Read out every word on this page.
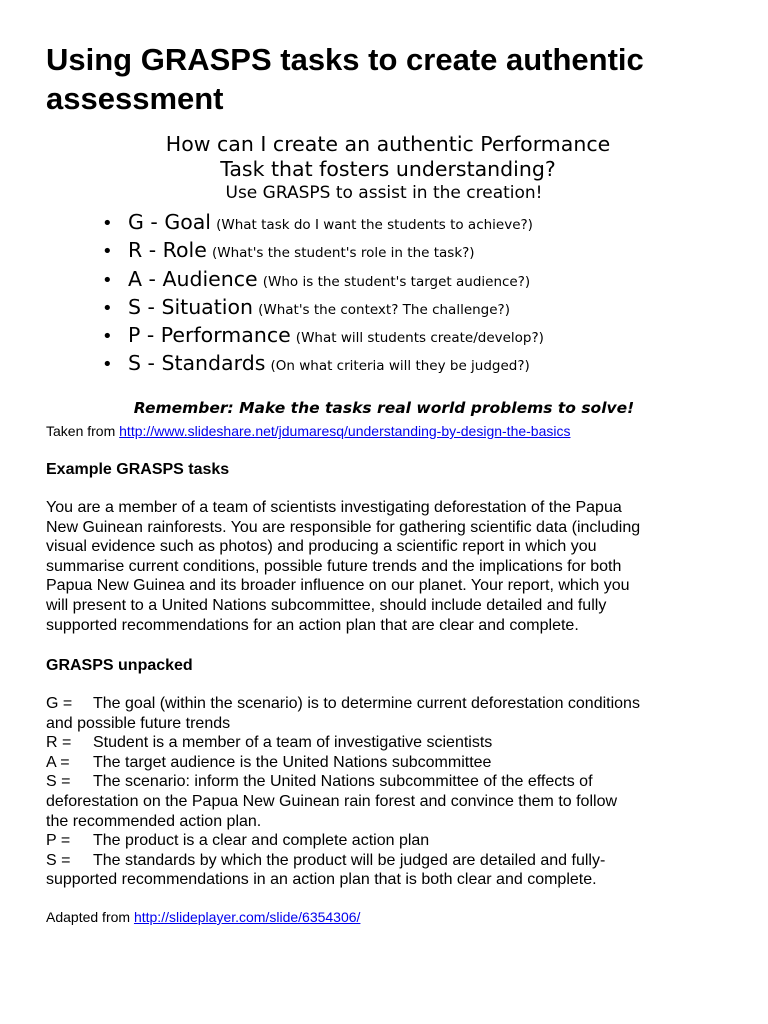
Using GRASPS tasks to create authentic assessment
How can I create an authentic Performance
Task that fosters understanding?
Use GRASPS to assist in the creation!
• G - Goal (What task do I want the students to achieve?)
• R - Role (What's the student's role in the task?)
• A - Audience (Who is the student's target audience?)
• S - Situation (What's the context? The challenge?)
• P - Performance (What will students create/develop?)
• S - Standards (On what criteria will they be judged?)
Remember: Make the tasks real world problems to solve!
Taken from http://www.slideshare.net/jdumaresq/understanding-by-design-the-basics
Example GRASPS tasks
You are a member of a team of scientists investigating deforestation of the Papua
New Guinean rainforests. You are responsible for gathering scientific data (including
visual evidence such as photos) and producing a scientific report in which you
summarise current conditions, possible future trends and the implications for both
Papua New Guinea and its broader influence on our planet. Your report, which you
will present to a United Nations subcommittee, should include detailed and fully
supported recommendations for an action plan that are clear and complete.
GRASPS unpacked
G = The goal (within the scenario) is to determine current deforestation conditions
and possible future trends
R = Student is a member of a team of investigative scientists
A = The target audience is the United Nations subcommittee
S = The scenario: inform the United Nations subcommittee of the effects of
deforestation on the Papua New Guinean rain forest and convince them to follow
the recommended action plan.
P = The product is a clear and complete action plan
S = The standards by which the product will be judged are detailed and fully-
supported recommendations in an action plan that is both clear and complete.
Adapted from http://slideplayer.com/slide/6354306/
